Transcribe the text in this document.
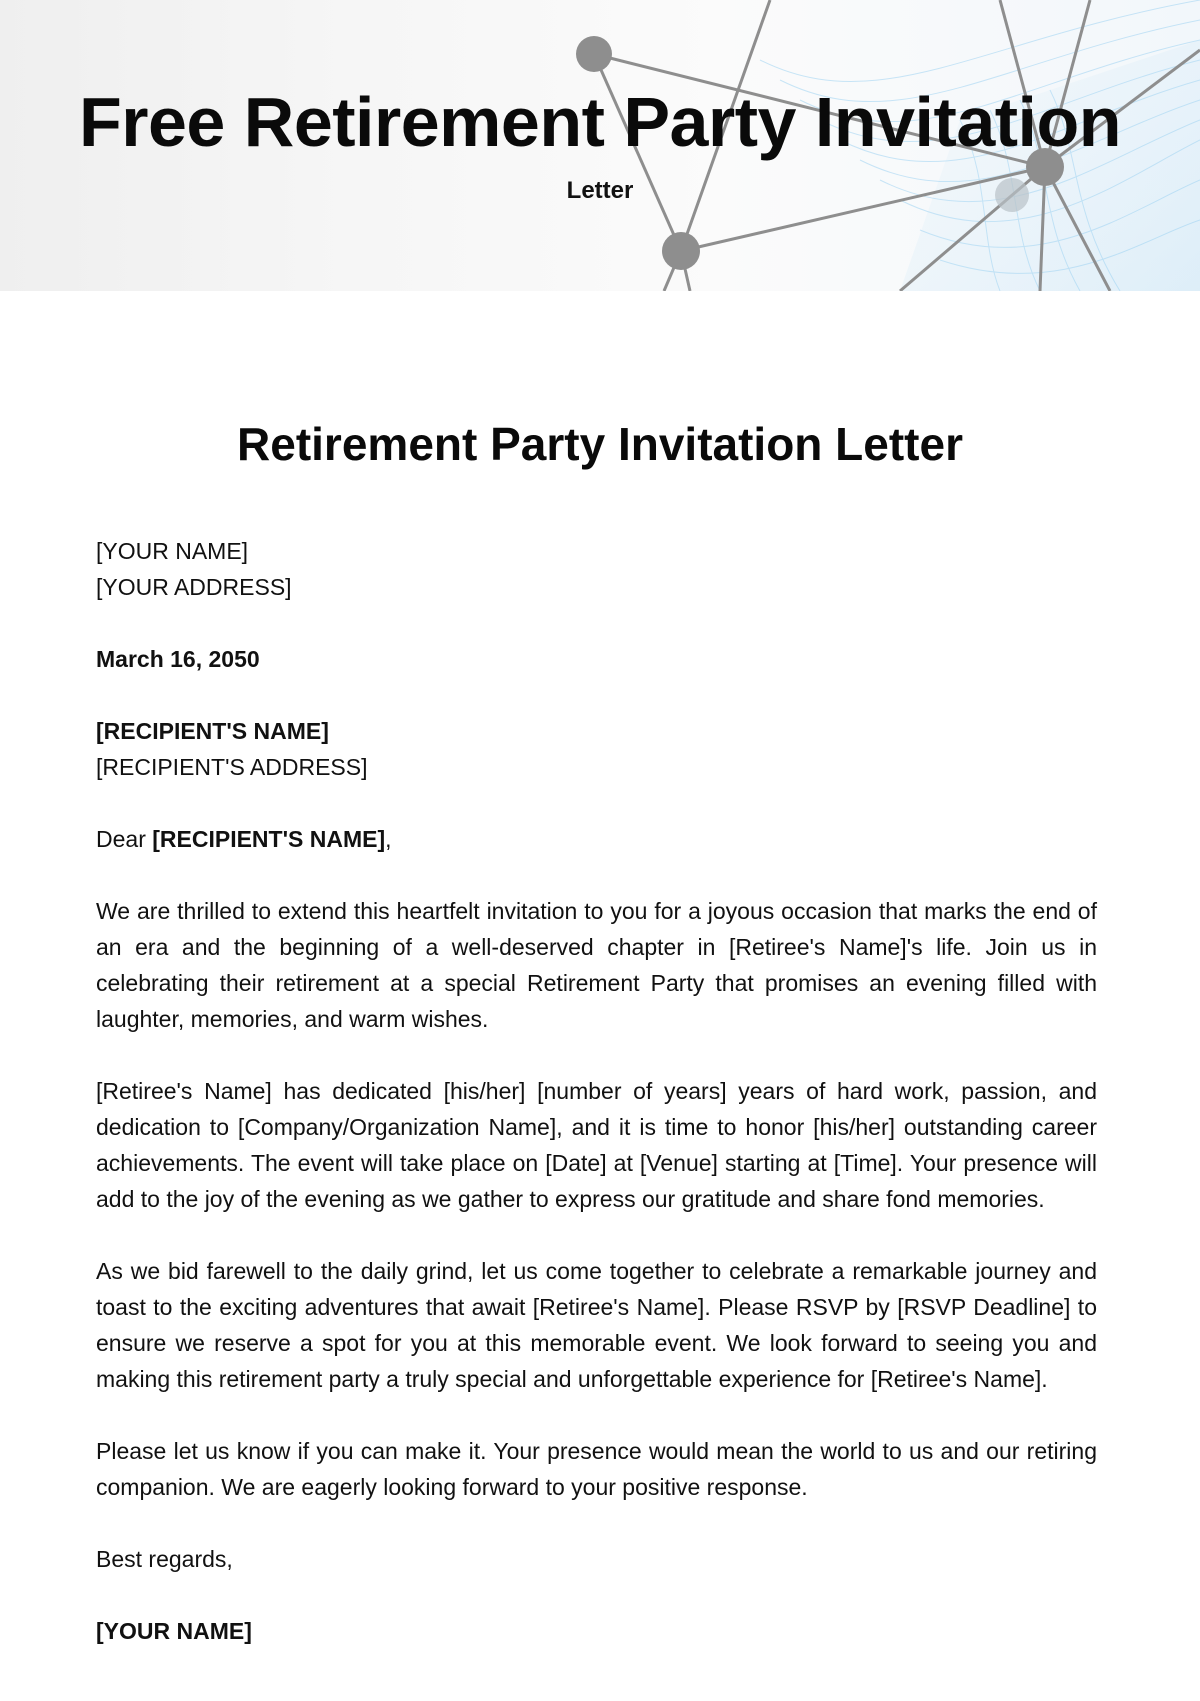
Free Retirement Party Invitation
Letter
Retirement Party Invitation Letter

[YOUR NAME]
[YOUR ADDRESS]

March 16, 2050

[RECIPIENT'S NAME]
[RECIPIENT'S ADDRESS]

Dear [RECIPIENT'S NAME],

We are thrilled to extend this heartfelt invitation to you for a joyous occasion that marks the end of an era and the beginning of a well-deserved chapter in [Retiree's Name]'s life. Join us in celebrating their retirement at a special Retirement Party that promises an evening filled with laughter, memories, and warm wishes.

[Retiree's Name] has dedicated [his/her] [number of years] years of hard work, passion, and dedication to [Company/Organization Name], and it is time to honor [his/her] outstanding career achievements. The event will take place on [Date] at [Venue] starting at [Time]. Your presence will add to the joy of the evening as we gather to express our gratitude and share fond memories.

As we bid farewell to the daily grind, let us come together to celebrate a remarkable journey and toast to the exciting adventures that await [Retiree's Name]. Please RSVP by [RSVP Deadline] to ensure we reserve a spot for you at this memorable event. We look forward to seeing you and making this retirement party a truly special and unforgettable experience for [Retiree's Name].

Please let us know if you can make it. Your presence would mean the world to us and our retiring companion. We are eagerly looking forward to your positive response.

Best regards,

[YOUR NAME]
